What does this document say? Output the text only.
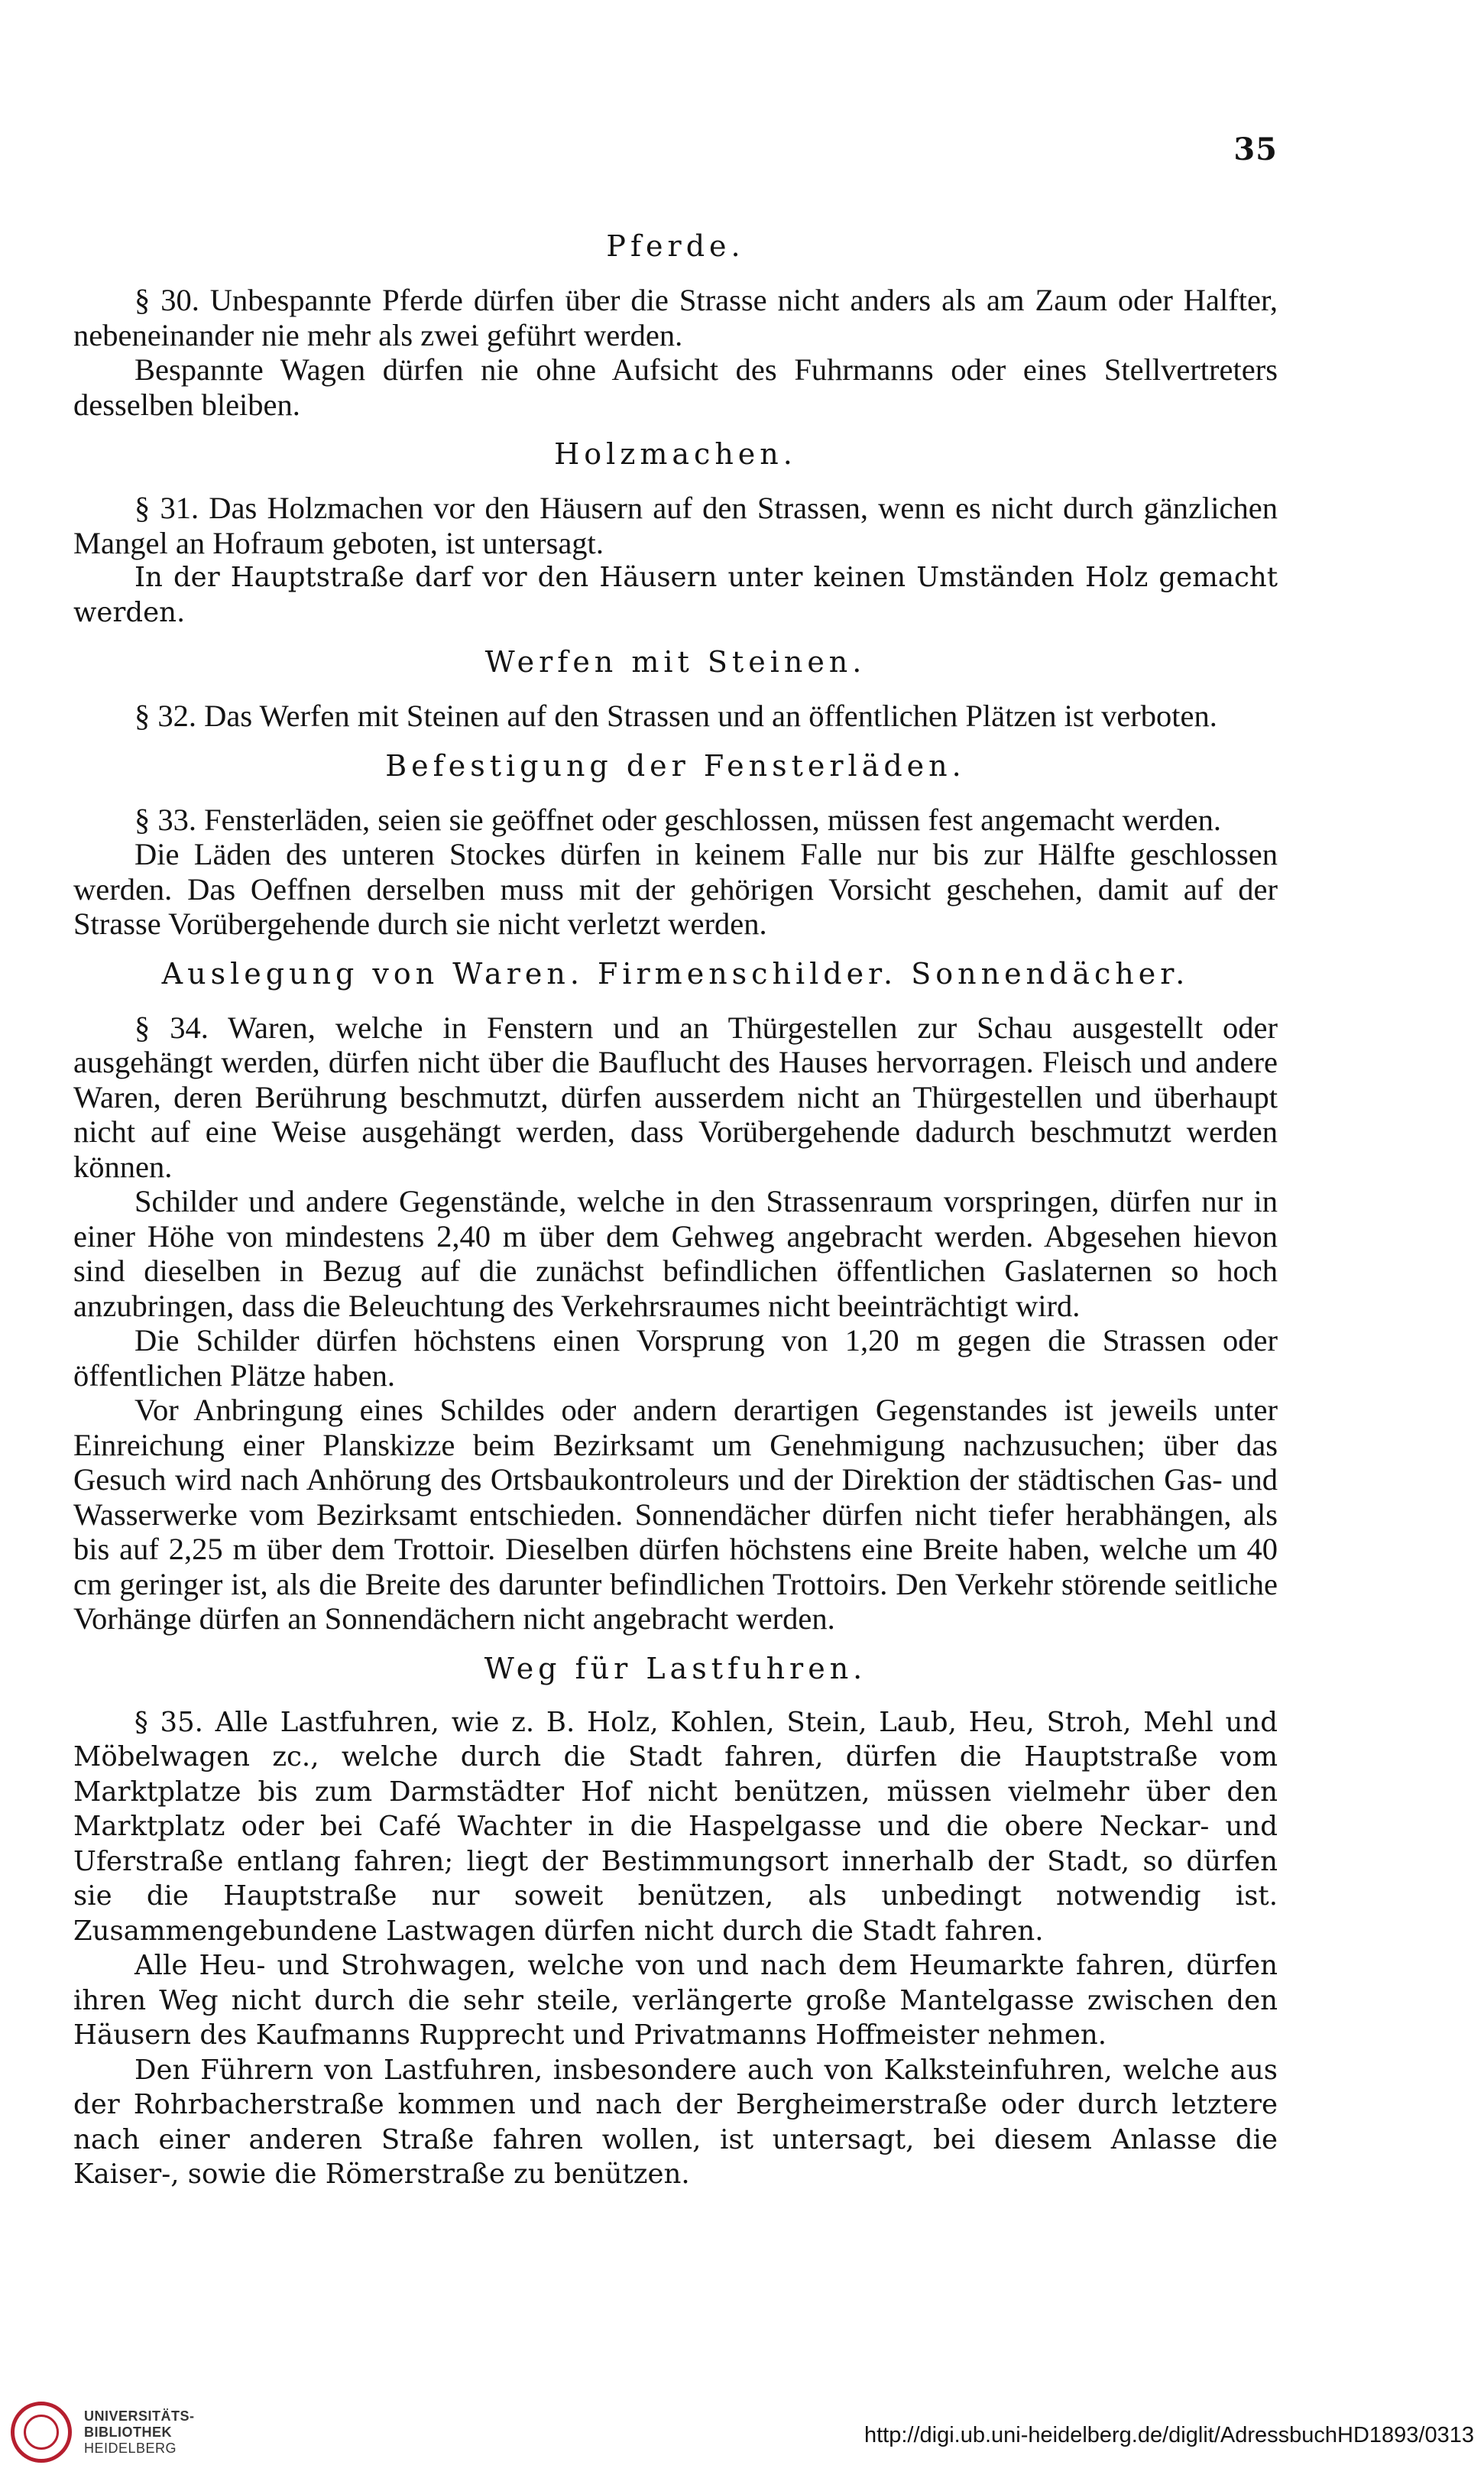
35
Pferde.

§ 30. Unbespannte Pferde dürfen über die Strasse nicht anders als am Zaum oder Halfter, nebeneinander nie mehr als zwei geführt werden.

Bespannte Wagen dürfen nie ohne Aufsicht des Fuhrmanns oder eines Stellvertreters desselben bleiben.

Holzmachen.

§ 31. Das Holzmachen vor den Häusern auf den Strassen, wenn es nicht durch gänzlichen Mangel an Hofraum geboten, ist untersagt.

In der Hauptstraße darf vor den Häusern unter keinen Umständen Holz gemacht werden.

Werfen mit Steinen.

§ 32. Das Werfen mit Steinen auf den Strassen und an öffentlichen Plätzen ist verboten.

Befestigung der Fensterläden.

§ 33. Fensterläden, seien sie geöffnet oder geschlossen, müssen fest angemacht werden.

Die Läden des unteren Stockes dürfen in keinem Falle nur bis zur Hälfte geschlossen werden. Das Oeffnen derselben muss mit der gehörigen Vorsicht geschehen, damit auf der Strasse Vorübergehende durch sie nicht verletzt werden.

Auslegung von Waren. Firmenschilder. Sonnendächer.

§ 34. Waren, welche in Fenstern und an Thürgestellen zur Schau ausgestellt oder ausgehängt werden, dürfen nicht über die Bauflucht des Hauses hervorragen. Fleisch und andere Waren, deren Berührung beschmutzt, dürfen ausserdem nicht an Thürgestellen und überhaupt nicht auf eine Weise ausgehängt werden, dass Vorübergehende dadurch beschmutzt werden können.

Schilder und andere Gegenstände, welche in den Strassenraum vorspringen, dürfen nur in einer Höhe von mindestens 2,40 m über dem Gehweg angebracht werden. Abgesehen hievon sind dieselben in Bezug auf die zunächst befindlichen öffentlichen Gaslaternen so hoch anzubringen, dass die Beleuchtung des Verkehrsraumes nicht beeinträchtigt wird.

Die Schilder dürfen höchstens einen Vorsprung von 1,20 m gegen die Strassen oder öffentlichen Plätze haben.

Vor Anbringung eines Schildes oder andern derartigen Gegenstandes ist jeweils unter Einreichung einer Planskizze beim Bezirksamt um Genehmigung nachzusuchen; über das Gesuch wird nach Anhörung des Ortsbaukontroleurs und der Direktion der städtischen Gas- und Wasserwerke vom Bezirksamt entschieden. Sonnendächer dürfen nicht tiefer herabhängen, als bis auf 2,25 m über dem Trottoir. Dieselben dürfen höchstens eine Breite haben, welche um 40 cm geringer ist, als die Breite des darunter befindlichen Trottoirs. Den Verkehr störende seitliche Vorhänge dürfen an Sonnendächern nicht angebracht werden.

Weg für Lastfuhren.

§ 35. Alle Lastfuhren, wie z. B. Holz, Kohlen, Stein, Laub, Heu, Stroh, Mehl und Möbelwagen zc., welche durch die Stadt fahren, dürfen die Hauptstraße vom Marktplatze bis zum Darmstädter Hof nicht benützen, müssen vielmehr über den Marktplatz oder bei Café Wachter in die Haspelgasse und die obere Neckar- und Uferstraße entlang fahren; liegt der Bestimmungsort innerhalb der Stadt, so dürfen sie die Hauptstraße nur soweit benützen, als unbedingt notwendig ist. Zusammengebundene Lastwagen dürfen nicht durch die Stadt fahren.

Alle Heu- und Strohwagen, welche von und nach dem Heumarkte fahren, dürfen ihren Weg nicht durch die sehr steile, verlängerte große Mantelgasse zwischen den Häusern des Kaufmanns Rupprecht und Privatmanns Hoffmeister nehmen.

Den Führern von Lastfuhren, insbesondere auch von Kalksteinfuhren, welche aus der Rohrbacherstraße kommen und nach der Bergheimerstraße oder durch letztere nach einer anderen Straße fahren wollen, ist untersagt, bei diesem Anlasse die Kaiser-, sowie die Römerstraße zu benützen.

UNIVERSITÄTS-
BIBLIOTHEK
HEIDELBERG
http://digi.ub.uni-heidelberg.de/diglit/AdressbuchHD1893/0313
